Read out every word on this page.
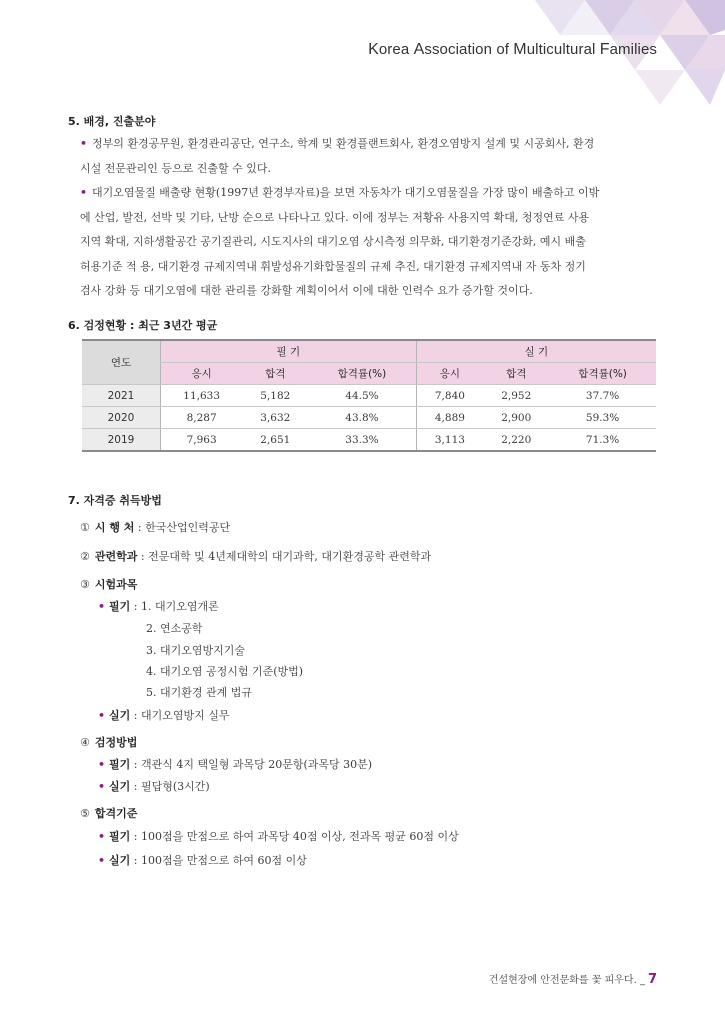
Korea Association of Multicultural Families
5. 배경, 진출분야
• 정부의 환경공무원, 환경관리공단, 연구소, 학계 및 환경플랜트회사, 환경오염방지 설계 및 시공회사, 환경
시설 전문관리인 등으로 진출할 수 있다.
• 대기오염물질 배출량 현황(1997년 환경부자료)을 보면 자동차가 대기오염물질을 가장 많이 배출하고 이밖
에 산업, 발전, 선박 및 기타, 난방 순으로 나타나고 있다. 이에 정부는 저황유 사용지역 확대, 청정연료 사용
지역 확대, 지하생활공간 공기질관리, 시도지사의 대기오염 상시측정 의무화, 대기환경기준강화, 예시 배출
허용기준 적 용, 대기환경 규제지역내 휘발성유기화합물질의 규제 추진, 대기환경 규제지역내 자 동차 정기
검사 강화 등 대기오염에 대한 관리를 강화할 계획이어서 이에 대한 인력수 요가 증가할 것이다.
6. 검정현황 : 최근 3년간 평균
연도	필 기			실 기		
	응시	합격	합격률(%)	응시	합격	합격률(%)
2021	11,633	5,182	44.5%	7,840	2,952	37.7%
2020	8,287	3,632	43.8%	4,889	2,900	59.3%
2019	7,963	2,651	33.3%	3,113	2,220	71.3%
7. 자격증 취득방법
① 시 행 처 : 한국산업인력공단
② 관련학과 : 전문대학 및 4년제대학의 대기과학, 대기환경공학 관련학과
③ 시험과목
• 필기 : 1. 대기오염개론
2. 연소공학
3. 대기오염방지기술
4. 대기오염 공정시험 기준(방법)
5. 대기환경 관계 법규
• 실기 : 대기오염방지 실무
④ 검정방법
• 필기 : 객관식 4지 택일형 과목당 20문항(과목당 30분)
• 실기 : 필답형(3시간)
⑤ 합격기준
• 필기 : 100점을 만점으로 하여 과목당 40점 이상, 전과목 평균 60점 이상
• 실기 : 100점을 만점으로 하여 60점 이상
건설현장에 안전문화를 꽃 피우다. _ 7
